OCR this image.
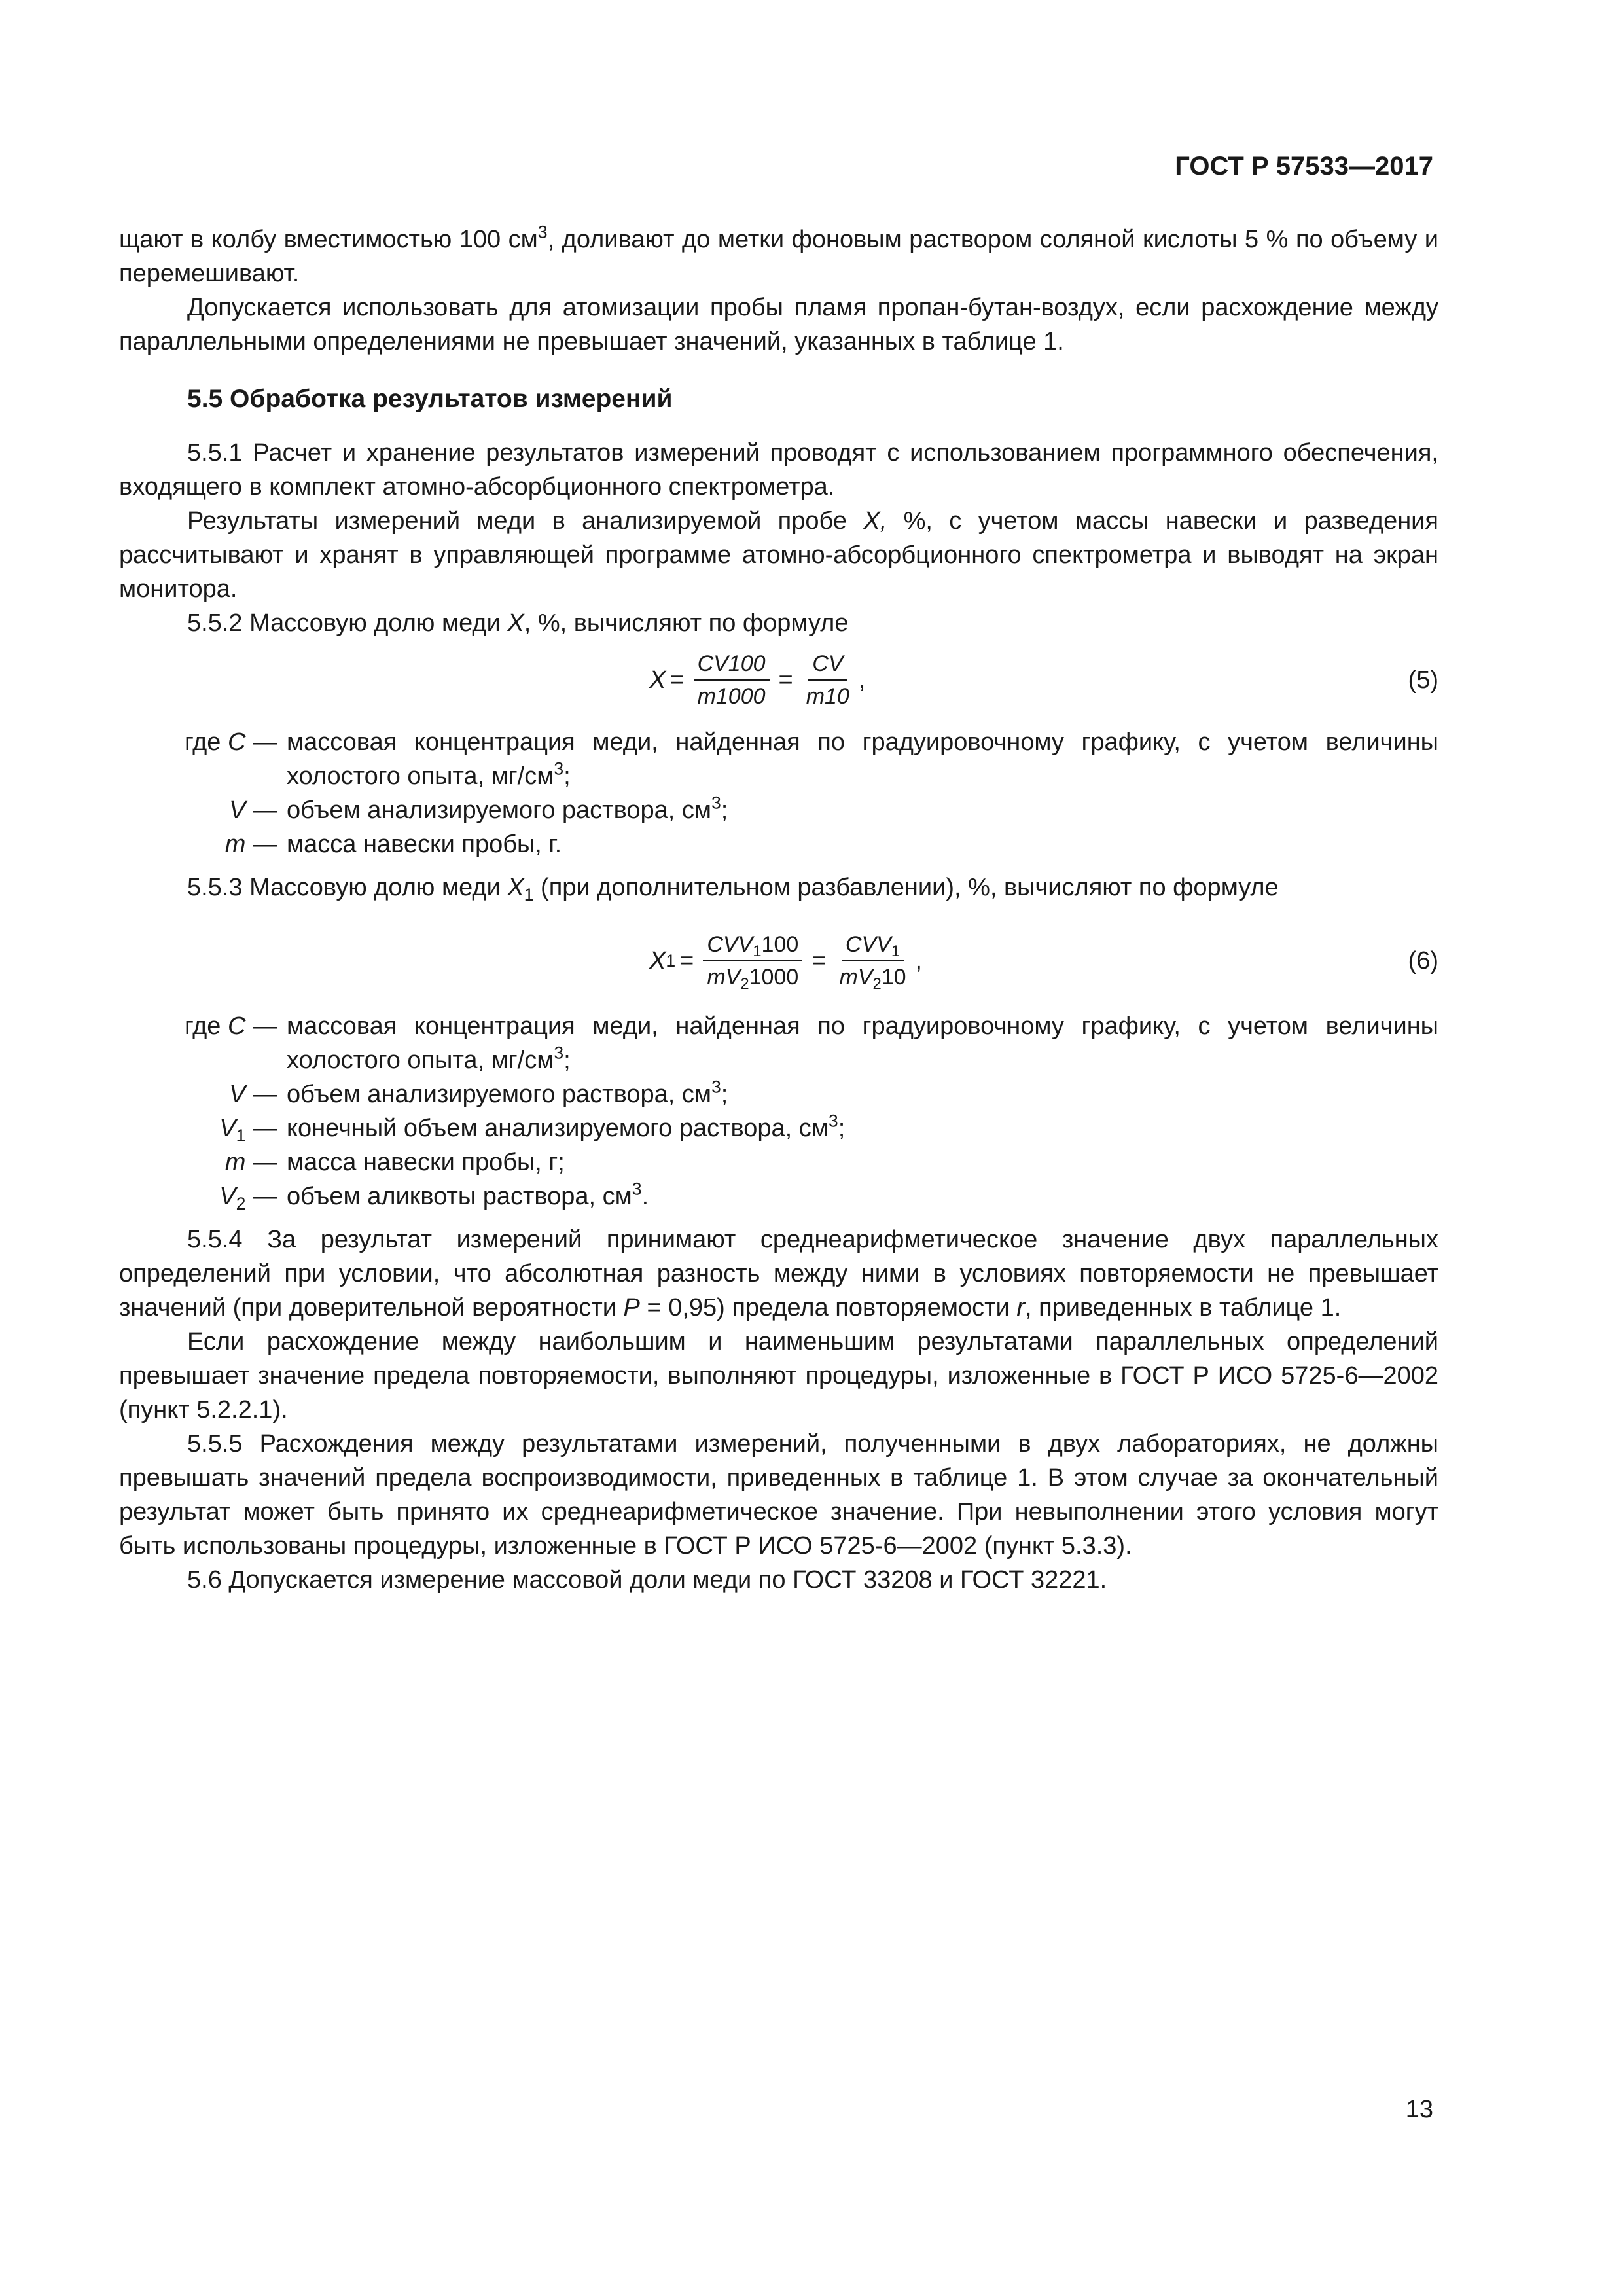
ГОСТ Р 57533—2017

щают в колбу вместимостью 100 $см^3$, доливают до метки фоновым раствором соляной кислоты 5 % по объему и перемешивают.

Допускается использовать для атомизации пробы пламя пропан-бутан-воздух, если расхождение между параллельными определениями не превышает значений, указанных в таблице 1.

5.5 Обработка результатов измерений

5.5.1 Расчет и хранение результатов измерений проводят с использованием программного обеспечения, входящего в комплект атомно-абсорбционного спектрометра.

Результаты измерений меди в анализируемой пробе X, %, с учетом массы навески и разведения рассчитывают и хранят в управляющей программе атомно-абсорбционного спектрометра и выводят на экран монитора.

5.5.2 Массовую долю меди X, %, вычисляют по формуле

$X = \frac{CV100}{m1000} = \frac{CV}{m10}$ ,	(5)
где C — массовая концентрация меди, найденная по градуировочному графику, с учетом величины холостого опыта, $мг/см^3$;
V — объем анализируемого раствора, $см^3$;
m — масса навески пробы, г.

5.5.3 Массовую долю меди $X_1$ (при дополнительном разбавлении), %, вычисляют по формуле

X $1 = \frac{CVV_1100}{mV_21000} = \frac{CVV_1}{mV_210}$ ,	(6)
где C — массовая концентрация меди, найденная по градуировочному графику, с учетом величины холостого опыта, $мг/см^3$;
V — объем анализируемого раствора, $см^3$;
$V_1$ — конечный объем анализируемого раствора, $см^3$;
m — масса навески пробы, г;
$V_2$ — объем аликвоты раствора, $см^3$.

5.5.4 За результат измерений принимают среднеарифметическое значение двух параллельных определений при условии, что абсолютная разность между ними в условиях повторяемости не превышает значений (при доверительной вероятности P = 0,95) предела повторяемости r, приведенных в таблице 1.

Если расхождение между наибольшим и наименьшим результатами параллельных определений превышает значение предела повторяемости, выполняют процедуры, изложенные в ГОСТ Р ИСО 5725-6—2002 (пункт 5.2.2.1).

5.5.5 Расхождения между результатами измерений, полученными в двух лабораториях, не должны превышать значений предела воспроизводимости, приведенных в таблице 1. В этом случае за окончательный результат может быть принято их среднеарифметическое значение. При невыполнении этого условия могут быть использованы процедуры, изложенные в ГОСТ Р ИСО 5725-6—2002 (пункт 5.3.3).

5.6 Допускается измерение массовой доли меди по ГОСТ 33208 и ГОСТ 32221.

13
